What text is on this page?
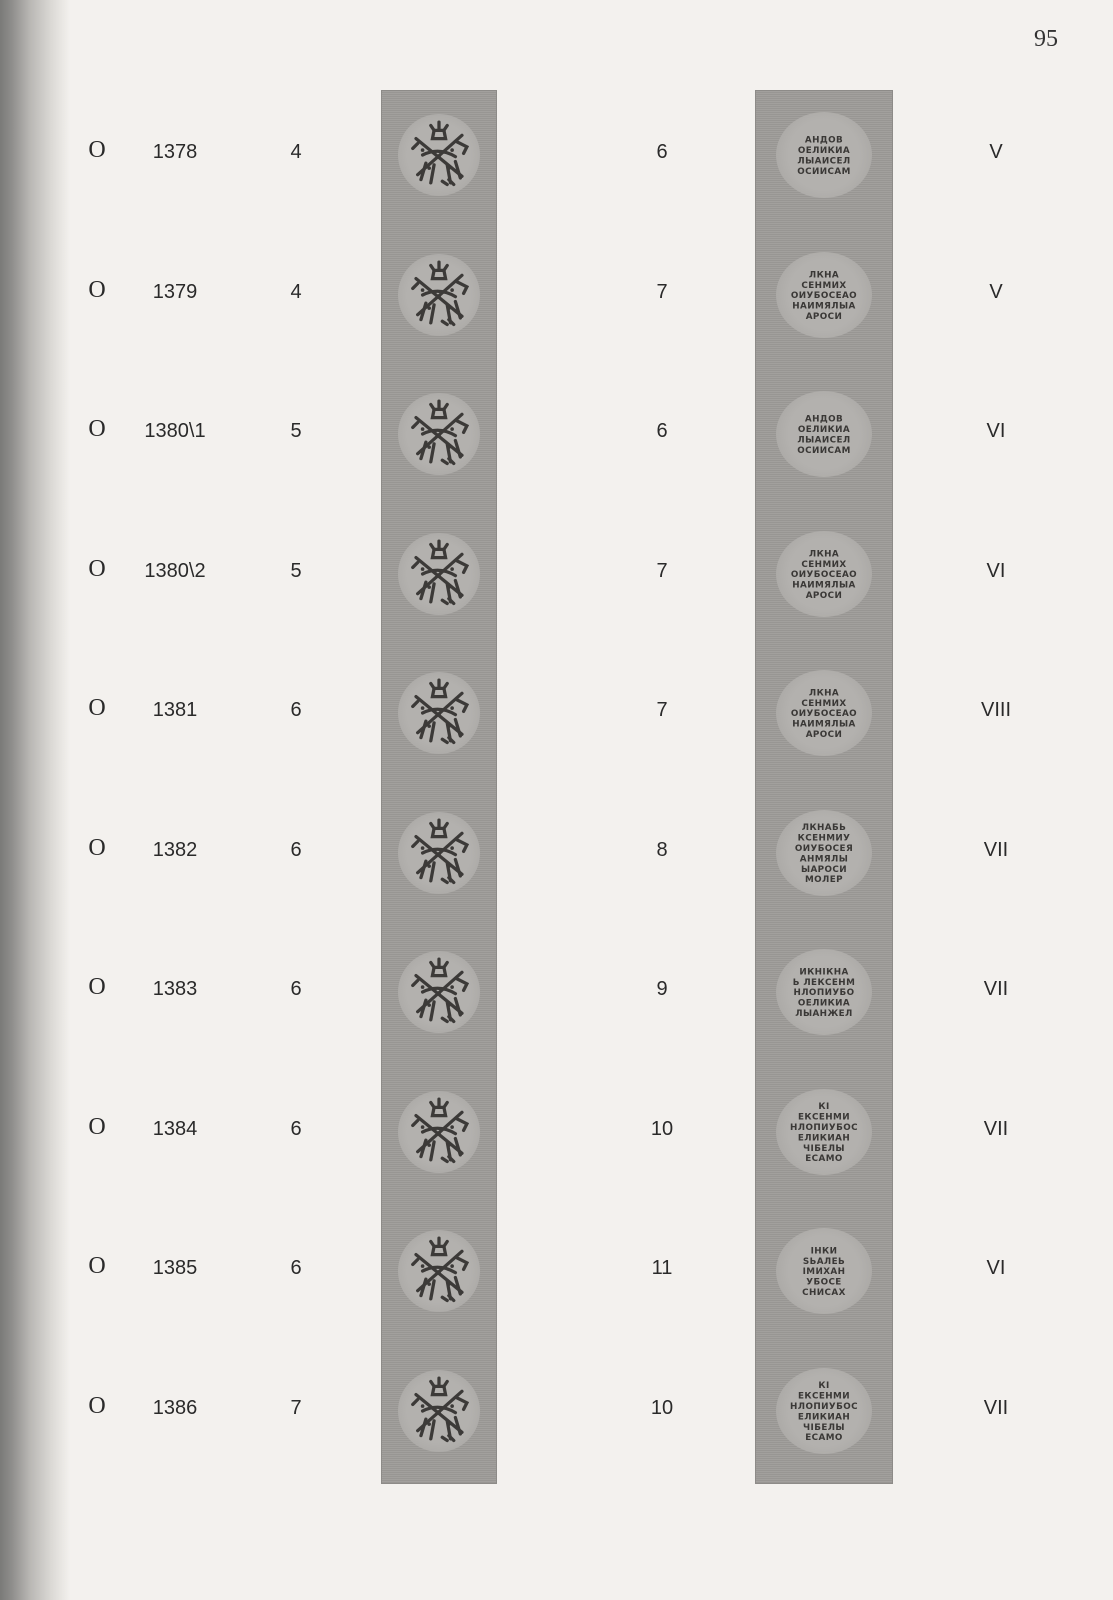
95
O 1378	4	6	V
АНДОВ
ОЕЛИКИА
ЛЫАИСЕЛ
ОСИИСАМ
O 1379	4	7	V
ЛКНА
СЕНМИХ
ОИУБОСЕАО
НАИМЯЛЫА
АРОСИ
O 1380\1	5	6	VI
АНДОВ
ОЕЛИКИА
ЛЫАИСЕЛ
ОСИИСАМ
O 1380\2	5	7	VI
ЛКНА
СЕНМИХ
ОИУБОСЕАО
НАИМЯЛЫА
АРОСИ
O 1381	6	7	VIII
ЛКНА
СЕНМИХ
ОИУБОСЕАО
НАИМЯЛЫА
АРОСИ
O 1382	6	8	VII
ЛКНАБЬ
КСЕНМИУ
ОИУБОСЕЯ
АНМЯЛЫ
ЫАРОСИ
МОЛЕР
O 1383	6	9	VII
ИКНІКНА
Ь ЛЕКСЕНМ
НЛОПИУБО
ОЕЛИКИА
ЛЫАНЖЕЛ
O 1384	6	10	VII
КІ
ЕКСЕНМИ
НЛОПИУБОС
ЕЛИКИАН
ЧІБЕЛЫ
ЕСАМО
O 1385	6	11	VI
ІНКИ
ЅЬАЛЕЬ
ІМИХАН
УБОСЕ
СНИСАХ
O 1386	7	10	VII
КІ
ЕКСЕНМИ
НЛОПИУБОС
ЕЛИКИАН
ЧІБЕЛЫ
ЕСАМО
